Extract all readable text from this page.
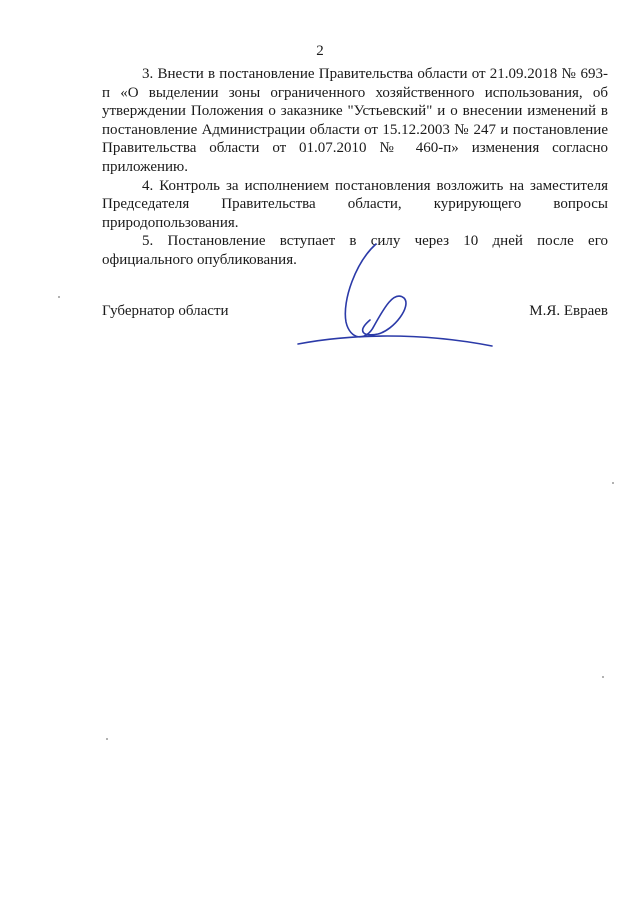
2

3. Внести в постановление Правительства области от 21.09.2018 № 693-п «О выделении зоны ограниченного хозяйственного использования, об утверждении Положения о заказнике "Устьевский" и о внесении изменений в постановление Администрации области от 15.12.2003 № 247 и постановление Правительства области от 01.07.2010 № 460-п» изменения согласно приложению.

4. Контроль за исполнением постановления возложить на заместителя Председателя Правительства области, курирующего вопросы природопользования.

5. Постановление вступает в силу через 10 дней после его официального опубликования.

Губернатор области	М.Я. Евраев
